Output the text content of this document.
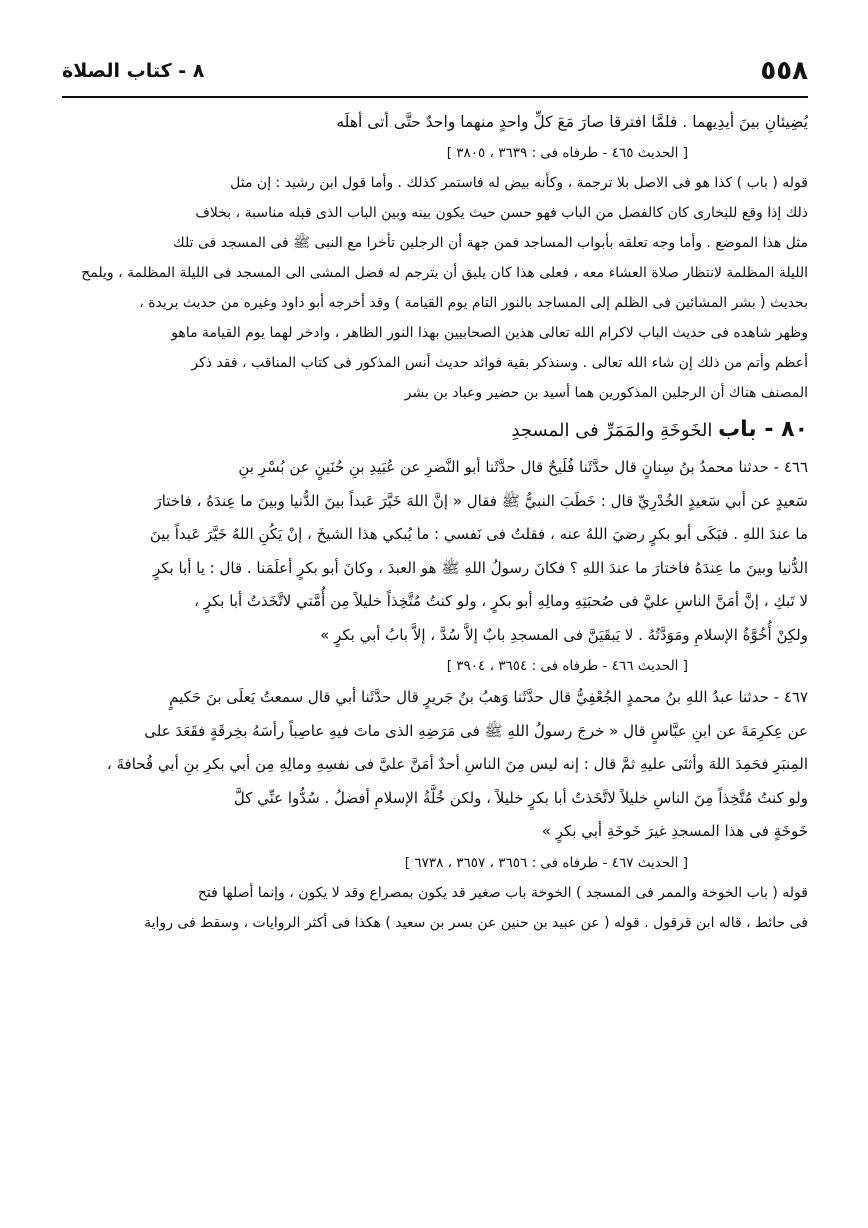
٥٥٨
٨ - كتاب الصلاة

يُضِيئانِ بينَ أيدِيهما . فلمَّا افترقا صارَ مَعَ كلِّ واحدٍ منهما واحدٌ حتَّى أتى أهلَه

[ الحديث ٤٦٥ - طرفاه فى : ٣٦٣٩ ، ٣٨٠٥ ]

قوله ( باب ) كذا هو فى الاصل بلا ترجمة ، وكأنه بيض له فاستمر كذلك . وأما قول ابن رشيد : إن مثل

ذلك إذا وقع للبخارى كان كالفصل من الباب فهو حسن حيث يكون بينه وبين الباب الذى قبله مناسبة ، بخلاف

مثل هذا الموضع . وأما وجه تعلقه بأبواب المساجد فمن جهة أن الرجلين تأخرا مع النبى ﷺ فى المسجد فى تلك

الليلة المظلمة لانتظار صلاة العشاء معه ، فعلى هذا كان يليق أن يترجم له فضل المشى الى المسجد فى الليلة المظلمة ، ويلمح

بحديث ( بشر المشائين فى الظلم إلى المساجد بالنور التام يوم القيامة ) وقد أخرجه أبو داود وغيره من حديث بريدة ،

وظهر شاهده فى حديث الباب لاكرام الله تعالى هذين الصحابيين بهذا النور الظاهر ، وادخر لهما يوم القيامة ماهو

أعظم وأتم من ذلك إن شاء الله تعالى . وسنذكر بقية فوائد حديث أنس المذكور فى كتاب المناقب ، فقد ذكر

المصنف هناك أن الرجلين المذكورين هما أسيد بن حضير وعباد بن بشر

٨٠ - باب الخَوخَةِ والمَمَرِّ فى المسجدِ

٤٦٦ - حدثنا محمدُ بنُ سِنانٍ قال حدَّثَنا فُلَيحٌ قال حدَّثَنا أبو النَّضرِ عن عُبَيدِ بنِ حُنَينٍ عن بُسْرِ بنِ

سَعيدٍ عن أبي سَعيدٍ الخُدْرِيِّ قال : خَطَبَ النبيُّ ﷺ فقال « إنَّ اللهَ خَيَّرَ عَبداً بينَ الدُّنيا وبينَ ما عِندَهُ ، فاختارَ

ما عندَ اللهِ . فبَكَى أبو بكرٍ رضيَ اللهُ عنه ، فقلتُ فى نَفسي : ما يُبكي هذا الشيخَ ، إنْ يَكُنِ اللهُ خَيَّرَ عَبداً بينَ

الدُّنيا وبينَ ما عِندَهُ فاختارَ ما عندَ اللهِ ؟ فكانَ رسولُ اللهِ ﷺ هو العبدَ ، وكانَ أبو بكرٍ أعلَمَنا . قال : يا أبا بكرٍ

لا تَبكِ ، إنَّ أمَنَّ الناسِ عليَّ فى صُحبَتِهِ ومالِهِ أبو بكرٍ ، ولو كنتُ مُتَّخِذاً خليلاً مِن أُمَّتي لاتَّخَذتُ أبا بكرٍ ،

ولكِنْ أُخُوَّةُ الإسلامِ ومَوَدَّتُهُ . لا يَبقَيَنَّ فى المسجدِ بابٌ إلاَّ سُدَّ ، إلاَّ بابُ أبي بكرٍ »

[ الحديث ٤٦٦ - طرفاه فى : ٣٦٥٤ ، ٣٩٠٤ ]

٤٦٧ - حدثنا عبدُ اللهِ بنُ محمدٍ الجُعْفِيُّ قال حدَّثَنا وَهبُ بنُ جَريرٍ قال حدَّثَنا أبي قال سمعتُ يَعلَى بنَ حَكيمٍ

عن عِكرِمَةَ عن ابنِ عبَّاسٍ قال « خرجَ رسولُ اللهِ ﷺ فى مَرَضِهِ الذى ماتَ فيهِ عاصِباً رأسَهُ بخِرقَةٍ فقَعَدَ على

المِنبَرِ فحَمِدَ اللهَ وأثنَى عليهِ ثمَّ قال : إنه ليس مِنَ الناسِ أحدٌ أمَنَّ عليَّ فى نفسِهِ ومالِهِ مِن أبي بكرِ بنِ أبي قُحافةَ ،

ولو كنتُ مُتَّخِذاً مِنَ الناسِ خليلاً لاتَّخَذتُ أبا بكرٍ خليلاً ، ولكن خُلَّةُ الإسلامِ أفضلُ . سُدُّوا عنِّي كلَّ

خَوخَةٍ فى هذا المسجدِ غيرَ خَوخَةِ أبي بكرٍ »

[ الحديث ٤٦٧ - طرفاه فى : ٣٦٥٦ ، ٣٦٥٧ ، ٦٧٣٨ ]

قوله ( باب الخوخة والممر فى المسجد ) الخوخة باب صغير قد يكون بمصراع وقد لا يكون ، وإنما أصلها فتح

فى حائط ، قاله ابن قرقول . قوله ( عن عبيد بن حنين عن بسر بن سعيد ) هكذا فى أكثر الروايات ، وسقط فى رواية
